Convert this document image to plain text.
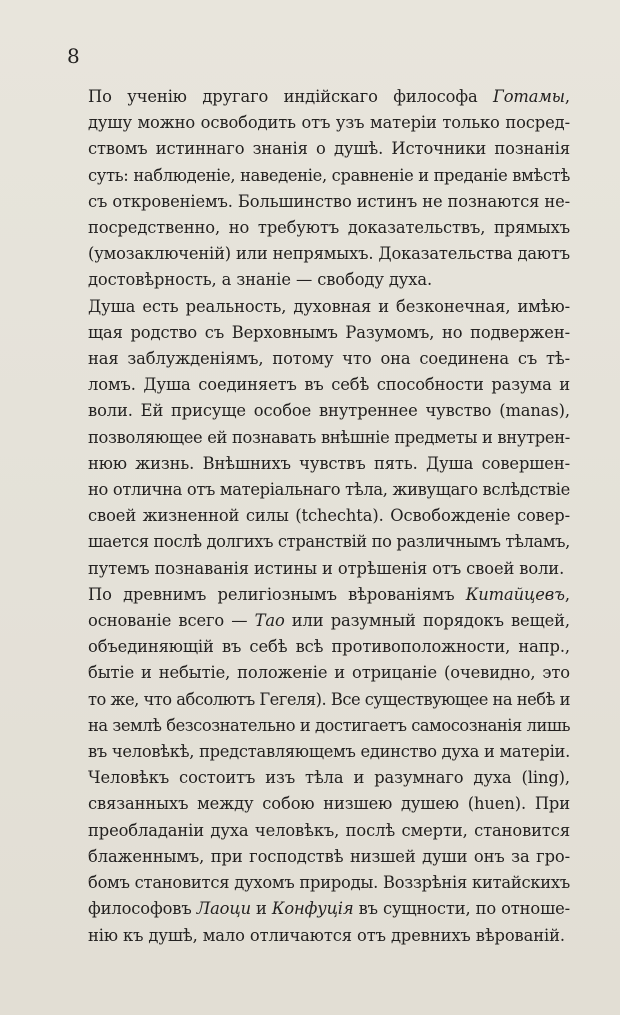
8
По ученію другаго индійскаго философа Готамы,
душу можно освободить отъ узъ матеріи только посред-
ствомъ истиннаго знанія о душѣ. Источники познанія
суть: наблюденіе, наведеніе, сравненіе и преданіе вмѣстѣ
съ откровеніемъ. Большинство истинъ не познаются не-
посредственно, но требуютъ доказательствъ, прямыхъ
(умозаключеній) или непрямыхъ. Доказательства даютъ
достовѣрность, а знаніе — свободу духа.
Душа есть реальность, духовная и безконечная, имѣю-
щая родство съ Верховнымъ Разумомъ, но подвержен-
ная заблужденіямъ, потому что она соединена съ тѣ-
ломъ. Душа соединяетъ въ себѣ способности разума и
воли. Ей присуще особое внутреннее чувство (manas),
позволяющее ей познавать внѣшніе предметы и внутрен-
нюю жизнь. Внѣшнихъ чувствъ пять. Душа совершен-
но отлична отъ матеріальнаго тѣла, живущаго вслѣдствіе
своей жизненной силы (tchechta). Освобожденіе совер-
шается послѣ долгихъ странствій по различнымъ тѣламъ,
путемъ познаванія истины и отрѣшенія отъ своей воли.
По древнимъ религіознымъ вѣрованіямъ Китайцевъ,
основаніе всего — Тао или разумный порядокъ вещей,
объединяющій въ себѣ всѣ противоположности, напр.,
бытіе и небытіе, положеніе и отрицаніе (очевидно, это
то же, что абсолютъ Гегеля). Все существующее на небѣ и
на землѣ безсознательно и достигаетъ самосознанія лишь
въ человѣкѣ, представляющемъ единство духа и матеріи.
Человѣкъ состоитъ изъ тѣла и разумнаго духа (ling),
связанныхъ между собою низшею душею (huen). При
преобладаніи духа человѣкъ, послѣ смерти, становится
блаженнымъ, при господствѣ низшей души онъ за гро-
бомъ становится духомъ природы. Воззрѣнія китайскихъ
философовъ Лаоци и Конфуція въ сущности, по отноше-
нію къ душѣ, мало отличаются отъ древнихъ вѣрованій.
